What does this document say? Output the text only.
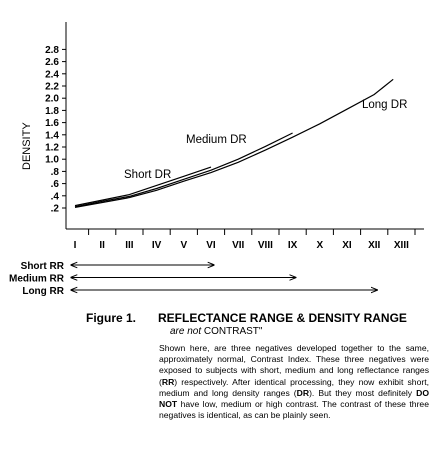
.2
.4
.6
.8
1.0
1.2
1.4
1.6
1.8
2.0
2.2
2.4
2.6
2.8
I II III IV V VI VII VIII IX X XI XII XIII
Short DR
Medium DR
Long DR
Short RR
Medium RR
Long RR
DENSITY
Figure 1. REFLECTANCE RANGE & DENSITY RANGE
are not CONTRAST"
Shown here, are three negatives developed together to the same, approximately normal, Contrast Index. These three negatives were exposed to subjects with short, medium and long reflectance ranges (RR) respectively. After identical processing, they now exhibit short, medium and long density ranges (DR). But they most definitely DO NOT have low, medium or high contrast. The contrast of these three negatives is identical, as can be plainly seen.
